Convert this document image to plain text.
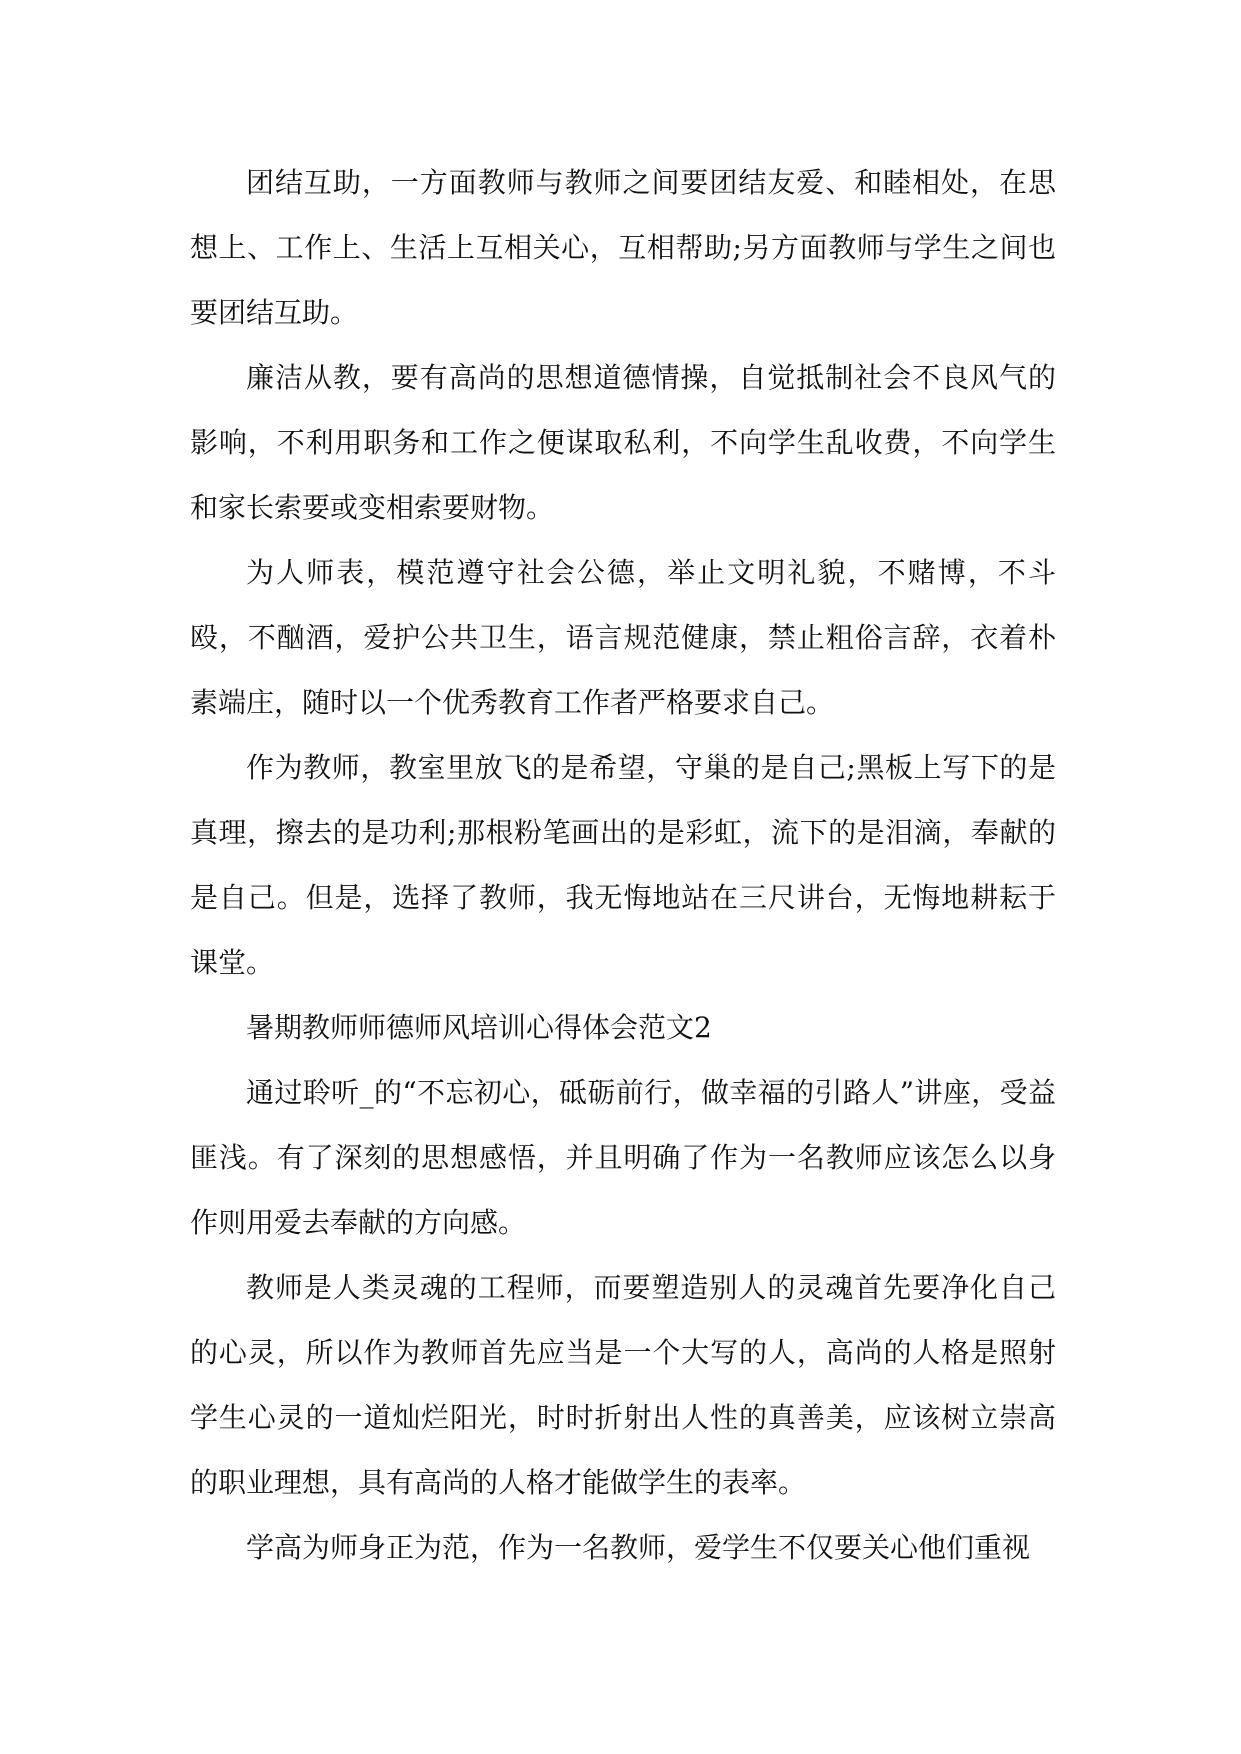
团结互助，一方面教师与教师之间要团结友爱、和睦相处，在思想上、工作上、生活上互相关心，互相帮助;另方面教师与学生之间也要团结互助。

廉洁从教，要有高尚的思想道德情操，自觉抵制社会不良风气的影响，不利用职务和工作之便谋取私利，不向学生乱收费，不向学生和家长索要或变相索要财物。

为人师表，模范遵守社会公德，举止文明礼貌，不赌博，不斗殴，不酗酒，爱护公共卫生，语言规范健康，禁止粗俗言辞，衣着朴素端庄，随时以一个优秀教育工作者严格要求自己。

作为教师，教室里放飞的是希望，守巢的是自己;黑板上写下的是真理，擦去的是功利;那根粉笔画出的是彩虹，流下的是泪滴，奉献的是自己。但是，选择了教师，我无悔地站在三尺讲台，无悔地耕耘于课堂。

暑期教师师德师风培训心得体会范文2

通过聆听_的“不忘初心，砥砺前行，做幸福的引路人”讲座，受益匪浅。有了深刻的思想感悟，并且明确了作为一名教师应该怎么以身作则用爱去奉献的方向感。

教师是人类灵魂的工程师，而要塑造别人的灵魂首先要净化自己的心灵，所以作为教师首先应当是一个大写的人，高尚的人格是照射学生心灵的一道灿烂阳光，时时折射出人性的真善美，应该树立崇高的职业理想，具有高尚的人格才能做学生的表率。

学高为师身正为范，作为一名教师，爱学生不仅要关心他们重视
